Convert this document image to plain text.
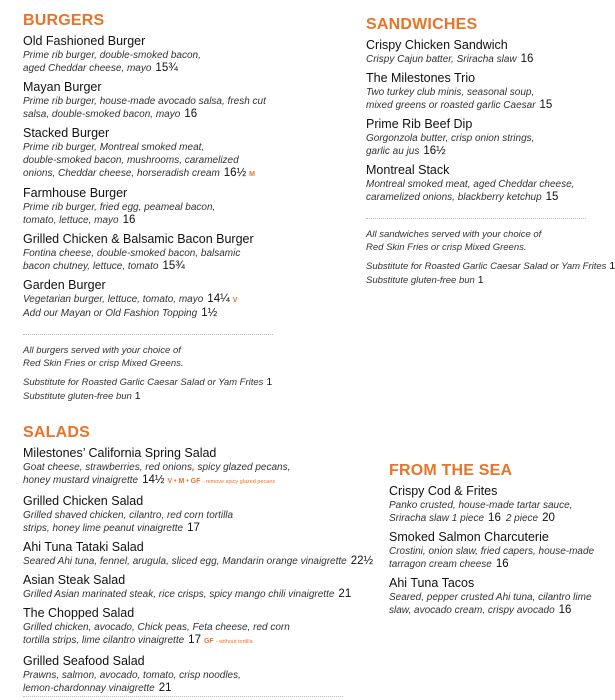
BURGERS
Old Fashioned Burger
Prime rib burger, double-smoked bacon,
aged Cheddar cheese, mayo 15¾
Mayan Burger
Prime rib burger, house-made avocado salsa, fresh cut
salsa, double-smoked bacon, mayo 16
Stacked Burger
Prime rib burger, Montreal smoked meat,
double-smoked bacon, mushrooms, caramelized
onions, Cheddar cheese, horseradish cream 16½ M
Farmhouse Burger
Prime rib burger, fried egg, peameal bacon,
tomato, lettuce, mayo 16
Grilled Chicken & Balsamic Bacon Burger
Fontina cheese, double-smoked bacon, balsamic
bacon chutney, lettuce, tomato 15¾
Garden Burger
Vegetarian burger, lettuce, tomato, mayo 14¼ V
Add our Mayan or Old Fashion Topping 1½
All burgers served with your choice of
Red Skin Fries or crisp Mixed Greens.
Substitute for Roasted Garlic Caesar Salad or Yam Frites 1
Substitute gluten-free bun 1
SANDWICHES
Crispy Chicken Sandwich
Crispy Cajun batter, Sriracha slaw 16
The Milestones Trio
Two turkey club minis, seasonal soup,
mixed greens or roasted garlic Caesar 15
Prime Rib Beef Dip
Gorgonzola butter, crisp onion strings,
garlic au jus 16½
Montreal Stack
Montreal smoked meat, aged Cheddar cheese,
caramelized onions, blackberry ketchup 15
All sandwiches served with your choice of
Red Skin Fries or crisp Mixed Greens.
Substitute for Roasted Garlic Caesar Salad or Yam Frites 1
Substitute gluten-free bun 1
SALADS
Milestones’ California Spring Salad
Goat cheese, strawberries, red onions, spicy glazed pecans,
honey mustard vinaigrette 14½ V • M • GF - remove spicy glazed pecans
Grilled Chicken Salad
Grilled shaved chicken, cilantro, red corn tortilla
strips, honey lime peanut vinaigrette 17
Ahi Tuna Tataki Salad
Seared Ahi tuna, fennel, arugula, sliced egg, Mandarin orange vinaigrette 22½
Asian Steak Salad
Grilled Asian marinated steak, rice crisps, spicy mango chili vinaigrette 21
The Chopped Salad
Grilled chicken, avocado, Chick peas, Feta cheese, red corn
tortilla strips, lime cilantro vinaigrette 17 GF - without tortilla
Grilled Seafood Salad
Prawns, salmon, avocado, tomato, crisp noodles,
lemon-chardonnay vinaigrette 21
FROM THE SEA
Crispy Cod & Frites
Panko crusted, house-made tartar sauce,
Sriracha slaw 1 piece 16 2 piece 20
Smoked Salmon Charcuterie
Crostini, onion slaw, fried capers, house-made
tarragon cream cheese 16
Ahi Tuna Tacos
Seared, pepper crusted Ahi tuna, cilantro lime
slaw, avocado cream, crispy avocado 16
